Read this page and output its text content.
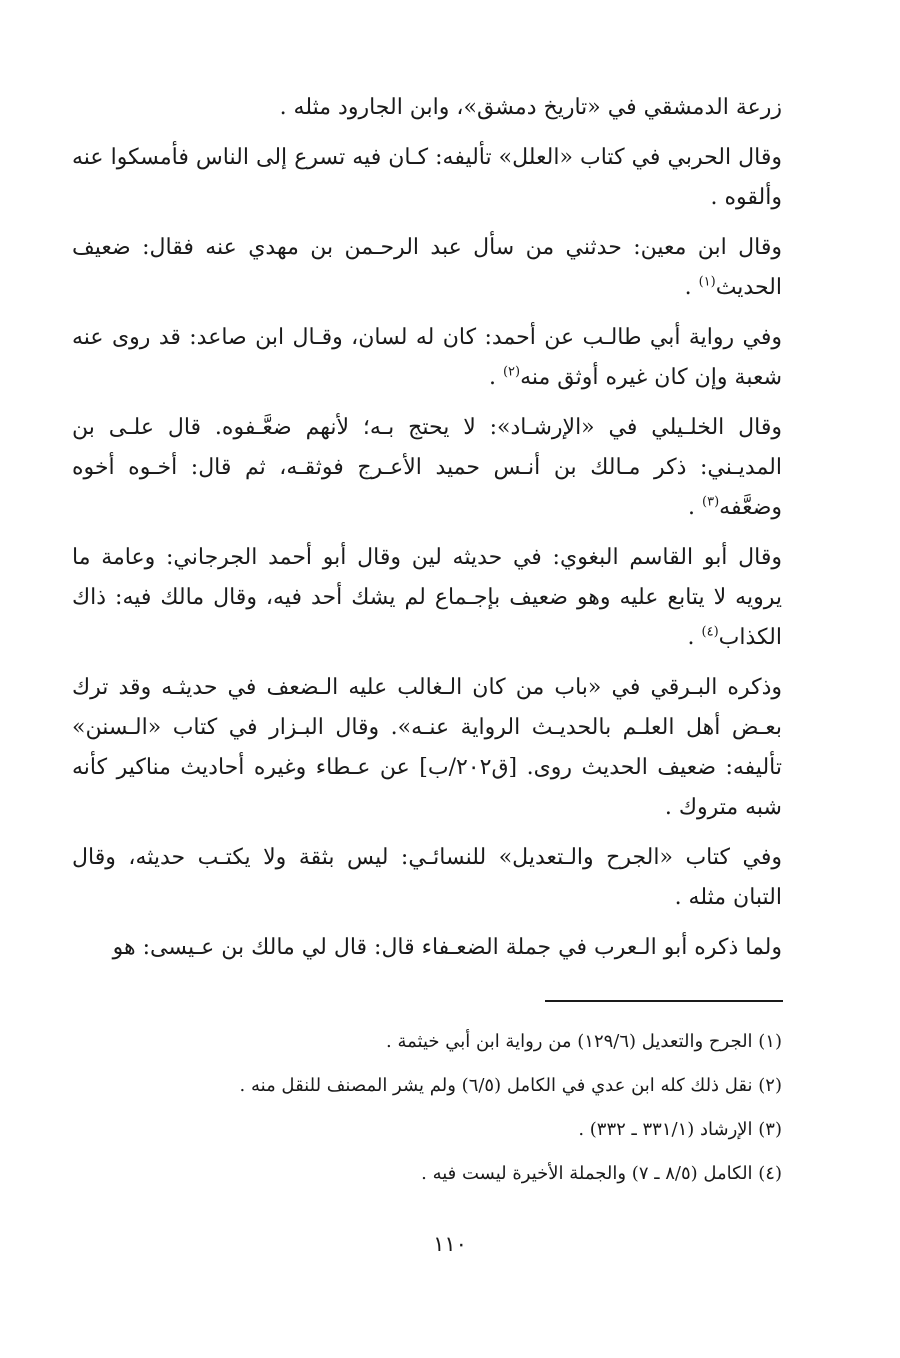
زرعة الدمشقي في «تاريخ دمشق»، وابن الجارود مثله .

وقال الحربي في كتاب «العلل» تأليفه: كـان فيه تسرع إلى الناس فأمسكوا عنه وألقوه .

وقال ابن معين: حدثني من سأل عبد الرحـمن بن مهدي عنه فقال: ضعيف الحديث$^{(١)}$ .

وفي رواية أبي طالـب عن أحمد: كان له لسان، وقـال ابن صاعد: قد روى عنه شعبة وإن كان غيره أوثق منه$^{(٢)}$ .

وقال الخلـيلي في «الإرشـاد»: لا يحتج بـه؛ لأنهم ضعَّـفوه. قال علـى بن المديـني: ذكر مـالك بن أنـس حميد الأعـرج فوثقـه، ثم قال: أخـوه أخوه وضعَّفه$^{(٣)}$ .

وقال أبو القاسم البغوي: في حديثه لين وقال أبو أحمد الجرجاني: وعامة ما يرويه لا يتابع عليه وهو ضعيف بإجـماع لم يشك أحد فيه، وقال مالك فيه: ذاك الكذاب$^{(٤)}$ .

وذكره البـرقي في «باب من كان الـغالب عليه الـضعف في حديثـه وقد ترك بعـض أهل العلـم بالحديـث الرواية عنـه». وقال البـزار في كتاب «الـسنن» تأليفه: ضعيف الحديث روى. [ق٢٠٢/ب] عن عـطاء وغيره أحاديث مناكير كأنه شبه متروك .

وفي كتاب «الجرح والـتعديل» للنسائـي: ليس بثقة ولا يكتـب حديثه، وقال التبان مثله .

ولما ذكره أبو الـعرب في جملة الضعـفاء قال: قال لي مالك بن عـيسى: هو

(١) الجرح والتعديل (١٢٩/٦) من رواية ابن أبي خيثمة .

(٢) نقل ذلك كله ابن عدي في الكامل (٦/٥) ولم يشر المصنف للنقل منه .

(٣) الإرشاد (٣٣١/١ ـ ٣٣٢) .

(٤) الكامل (٨/٥ ـ ٧) والجملة الأخيرة ليست فيه .

١١٠
